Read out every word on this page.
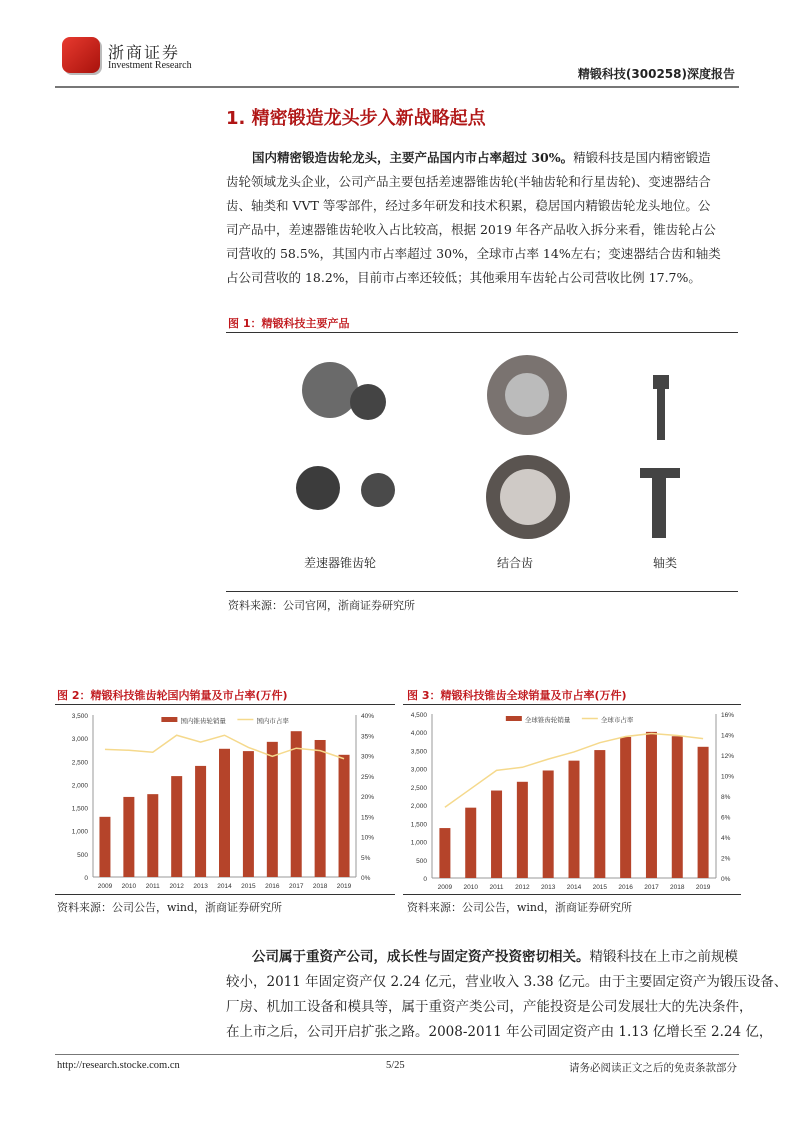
浙商证券
Investment Research
精锻科技(300258)深度报告
1. 精密锻造龙头步入新战略起点
国内精密锻造齿轮龙头，主要产品国内市占率超过 30%。精锻科技是国内精密锻造
齿轮领域龙头企业，公司产品主要包括差速器锥齿轮(半轴齿轮和行星齿轮)、变速器结合
齿、轴类和 VVT 等零部件，经过多年研发和技术积累，稳居国内精锻齿轮龙头地位。公
司产品中，差速器锥齿轮收入占比较高，根据 2019 年各产品收入拆分来看，锥齿轮占公
司营收的 58.5%，其国内市占率超过 30%，全球市占率 14%左右；变速器结合齿和轴类
占公司营收的 18.2%，目前市占率还较低；其他乘用车齿轮占公司营收比例 17.7%。
图 1：精锻科技主要产品
差速器锥齿轮	结合齿	轴类
资料来源：公司官网，浙商证券研究所
图 2：精锻科技锥齿轮国内销量及市占率(万件)
0
500
1,000
1,500
2,000
2,500
3,000
3,500
0%
5%
10%
15%
20%
25%
30%
35%
40%
2009 2010 2011 2012 2013 2014 2015 2016 2017 2018 2019
国内锥齿轮销量	国内市占率
资料来源：公司公告，wind，浙商证券研究所
图 3：精锻科技锥齿全球销量及市占率(万件)
0
500
1,000
1,500
2,000
2,500
3,000
3,500
4,000
4,500
0%
2%
4%
6%
8%
10%
12%
14%
16%
2009 2010 2011 2012 2013 2014 2015 2016 2017 2018 2019
全球锥齿轮销量	全球市占率
资料来源：公司公告，wind，浙商证券研究所
公司属于重资产公司，成长性与固定资产投资密切相关。精锻科技在上市之前规模
较小，2011 年固定资产仅 2.24 亿元，营业收入 3.38 亿元。由于主要固定资产为锻压设备、
厂房、机加工设备和模具等，属于重资产类公司，产能投资是公司发展壮大的先决条件，
在上市之后，公司开启扩张之路。2008-2011 年公司固定资产由 1.13 亿增长至 2.24 亿，
http://research.stocke.com.cn	5/25	请务必阅读正文之后的免责条款部分
